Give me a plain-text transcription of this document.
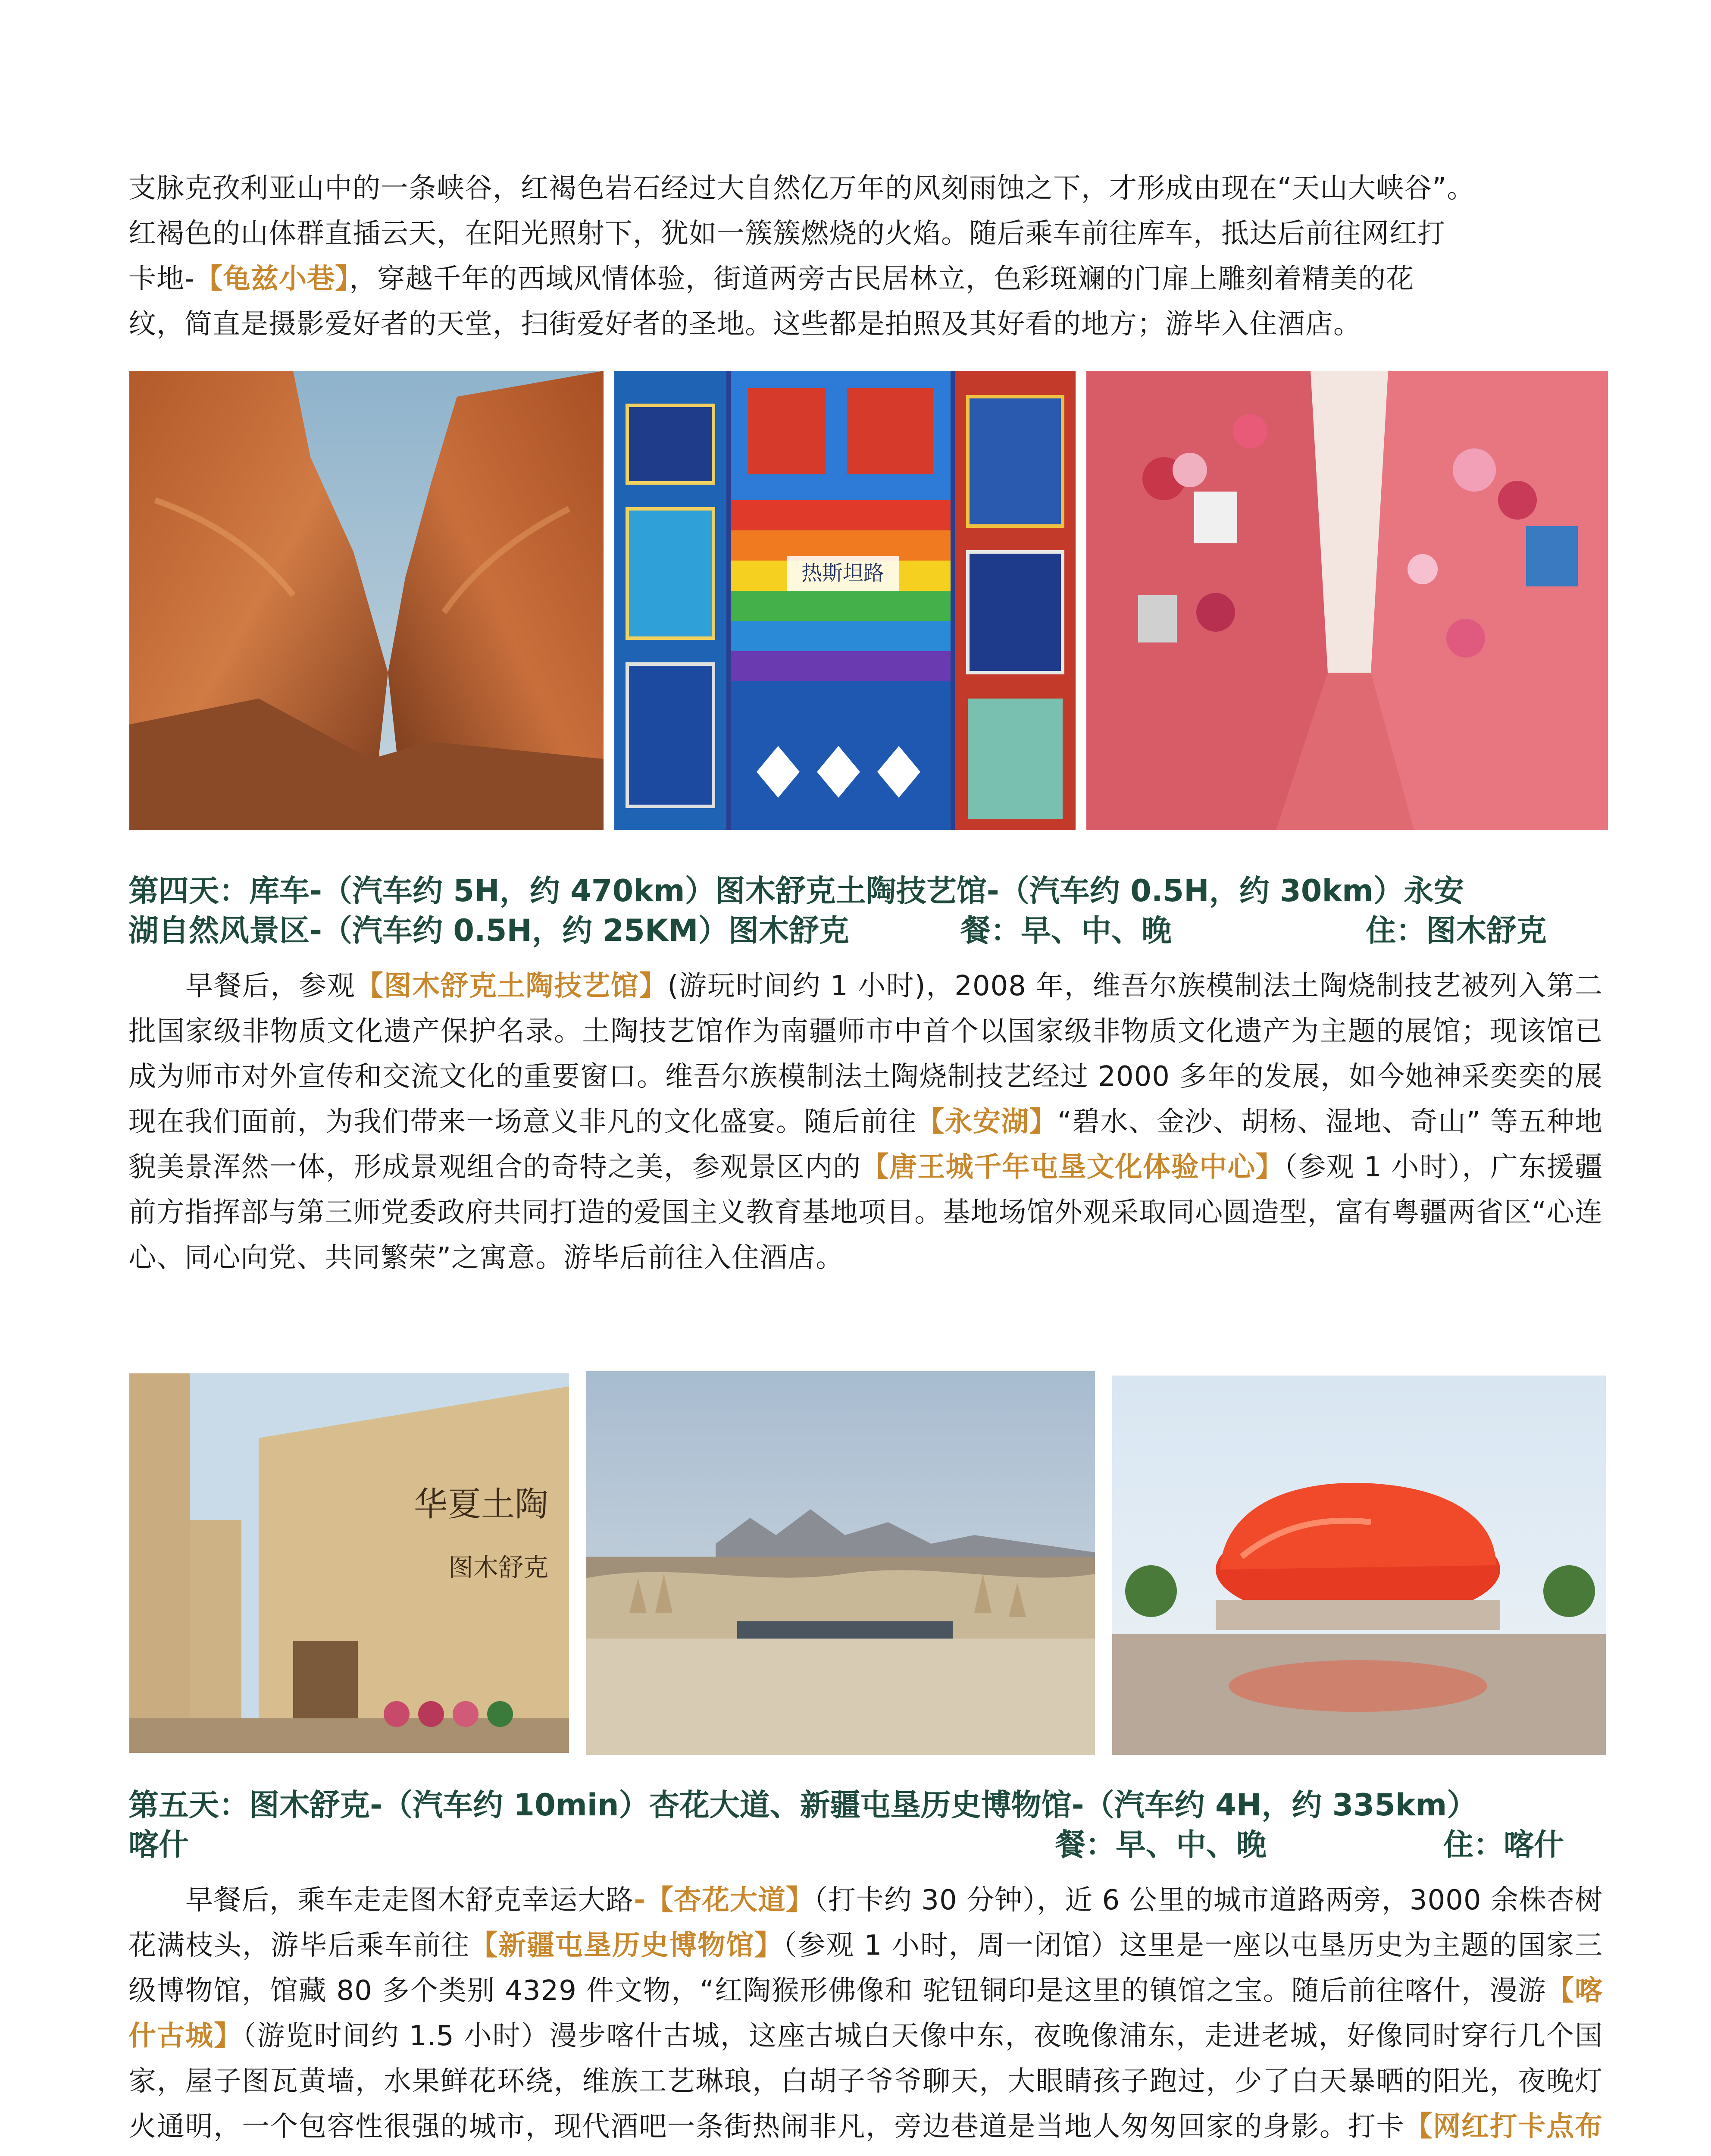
支脉克孜利亚山中的一条峡谷，红褐色岩石经过大自然亿万年的风刻雨蚀之下，才形成由现在“天山大峡谷”。
红褐色的山体群直插云天，在阳光照射下，犹如一簇簇燃烧的火焰。随后乘车前往库车，抵达后前往网红打
卡地-【龟兹小巷】，穿越千年的西域风情体验，街道两旁古民居林立，色彩斑斓的门扉上雕刻着精美的花
纹，简直是摄影爱好者的天堂，扫街爱好者的圣地。这些都是拍照及其好看的地方；游毕入住酒店。

热斯坦路
第四天：库车-（汽车约 5H，约 470km）图木舒克土陶技艺馆-（汽车约 0.5H，约 30km）永安
湖自然风景区-（汽车约 0.5H，约 25KM）图木舒克	餐：早、中、晚	住：图木舒克

早餐后，参观【图木舒克土陶技艺馆】(游玩时间约 1 小时)，2008 年，维吾尔族模制法土陶烧制技艺被列入第二批国家级非物质文化遗产保护名录。土陶技艺馆作为南疆师市中首个以国家级非物质文化遗产为主题的展馆；现该馆已成为师市对外宣传和交流文化的重要窗口。维吾尔族模制法土陶烧制技艺经过 2000 多年的发展，如今她神采奕奕的展现在我们面前，为我们带来一场意义非凡的文化盛宴。随后前往【永安湖】“碧水、金沙、胡杨、湿地、奇山” 等五种地貌美景浑然一体，形成景观组合的奇特之美，参观景区内的【唐王城千年屯垦文化体验中心】（参观 1 小时），广东援疆前方指挥部与第三师党委政府共同打造的爱国主义教育基地项目。基地场馆外观采取同心圆造型，富有粤疆两省区“心连心、同心向党、共同繁荣”之寓意。游毕后前往入住酒店。

华夏土陶
图木舒克
第五天：图木舒克-（汽车约 10min）杏花大道、新疆屯垦历史博物馆-（汽车约 4H，约 335km）
喀什	餐：早、中、晚	住：喀什

早餐后，乘车走走图木舒克幸运大路-【杏花大道】（打卡约 30 分钟），近 6 公里的城市道路两旁，3000 余株杏树花满枝头，游毕后乘车前往【新疆屯垦历史博物馆】（参观 1 小时，周一闭馆）这里是一座以屯垦历史为主题的国家三级博物馆，馆藏 80 多个类别 4329 件文物，“红陶猴形佛像和 驼钮铜印是这里的镇馆之宝。随后前往喀什，漫游【喀什古城】（游览时间约 1.5 小时）漫步喀什古城，这座古城白天像中东，夜晚像浦东，走进老城，好像同时穿行几个国家，屋子图瓦黄墙，水果鲜花环绕，维族工艺琳琅，白胡子爷爷聊天，大眼睛孩子跑过，少了白天暴晒的阳光，夜晚灯火通明，一个包容性很强的城市，现代酒吧一条街热闹非凡，旁边巷道是当地人匆匆回家的身影。打卡【网红打卡点布
